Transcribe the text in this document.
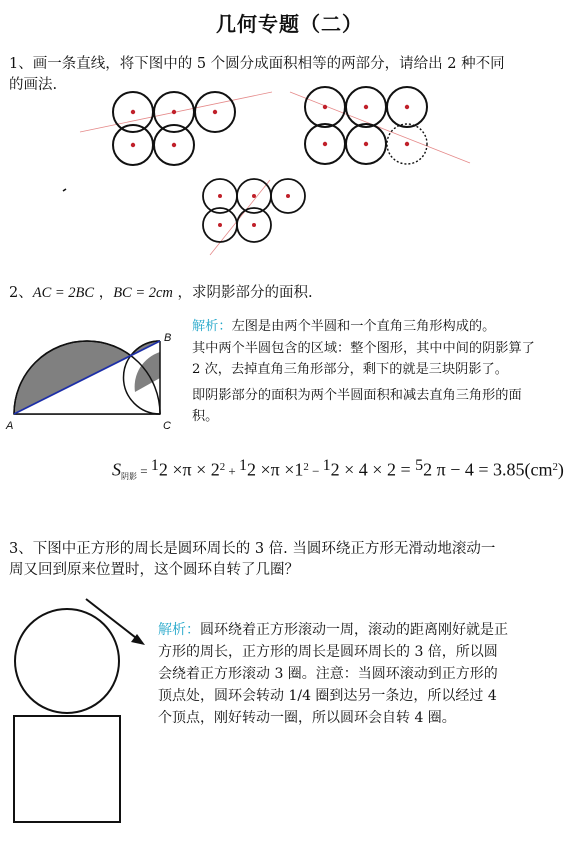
几何专题（二）
1、画一条直线，将下图中的 5 个圆分成面积相等的两部分，请给出 2 种不同
的画法.
2、AC = 2BC ，BC = 2cm ，求阴影部分的面积.
A
B
C
解析：左图是由两个半圆和一个直角三角形构成的。
其中两个半圆包含的区域：整个图形，其中中间的阴影算了
2 次，去掉直角三角形部分，剩下的就是三块阴影了。
即阴影部分的面积为两个半圆面积和减去直角三角形的面
积。
$S_{阴影} = ^12 \times\pi \times 2^2 + ^12 \times\pi \times 1^2 - ^12 \times 4 \times 2 = ^52$ $\pi - 4 = 3.85(cm^2)$
3、下图中正方形的周长是圆环周长的 3 倍. 当圆环绕正方形无滑动地滚动一
周又回到原来位置时，这个圆环自转了几圈？
解析：圆环绕着正方形滚动一周，滚动的距离刚好就是正
方形的周长，正方形的周长是圆环周长的 3 倍，所以圆
会绕着正方形滚动 3 圈。注意：当圆环滚动到正方形的
顶点处，圆环会转动 1/4 圈到达另一条边，所以经过 4
个顶点，刚好转动一圈，所以圆环会自转 4 圈。
